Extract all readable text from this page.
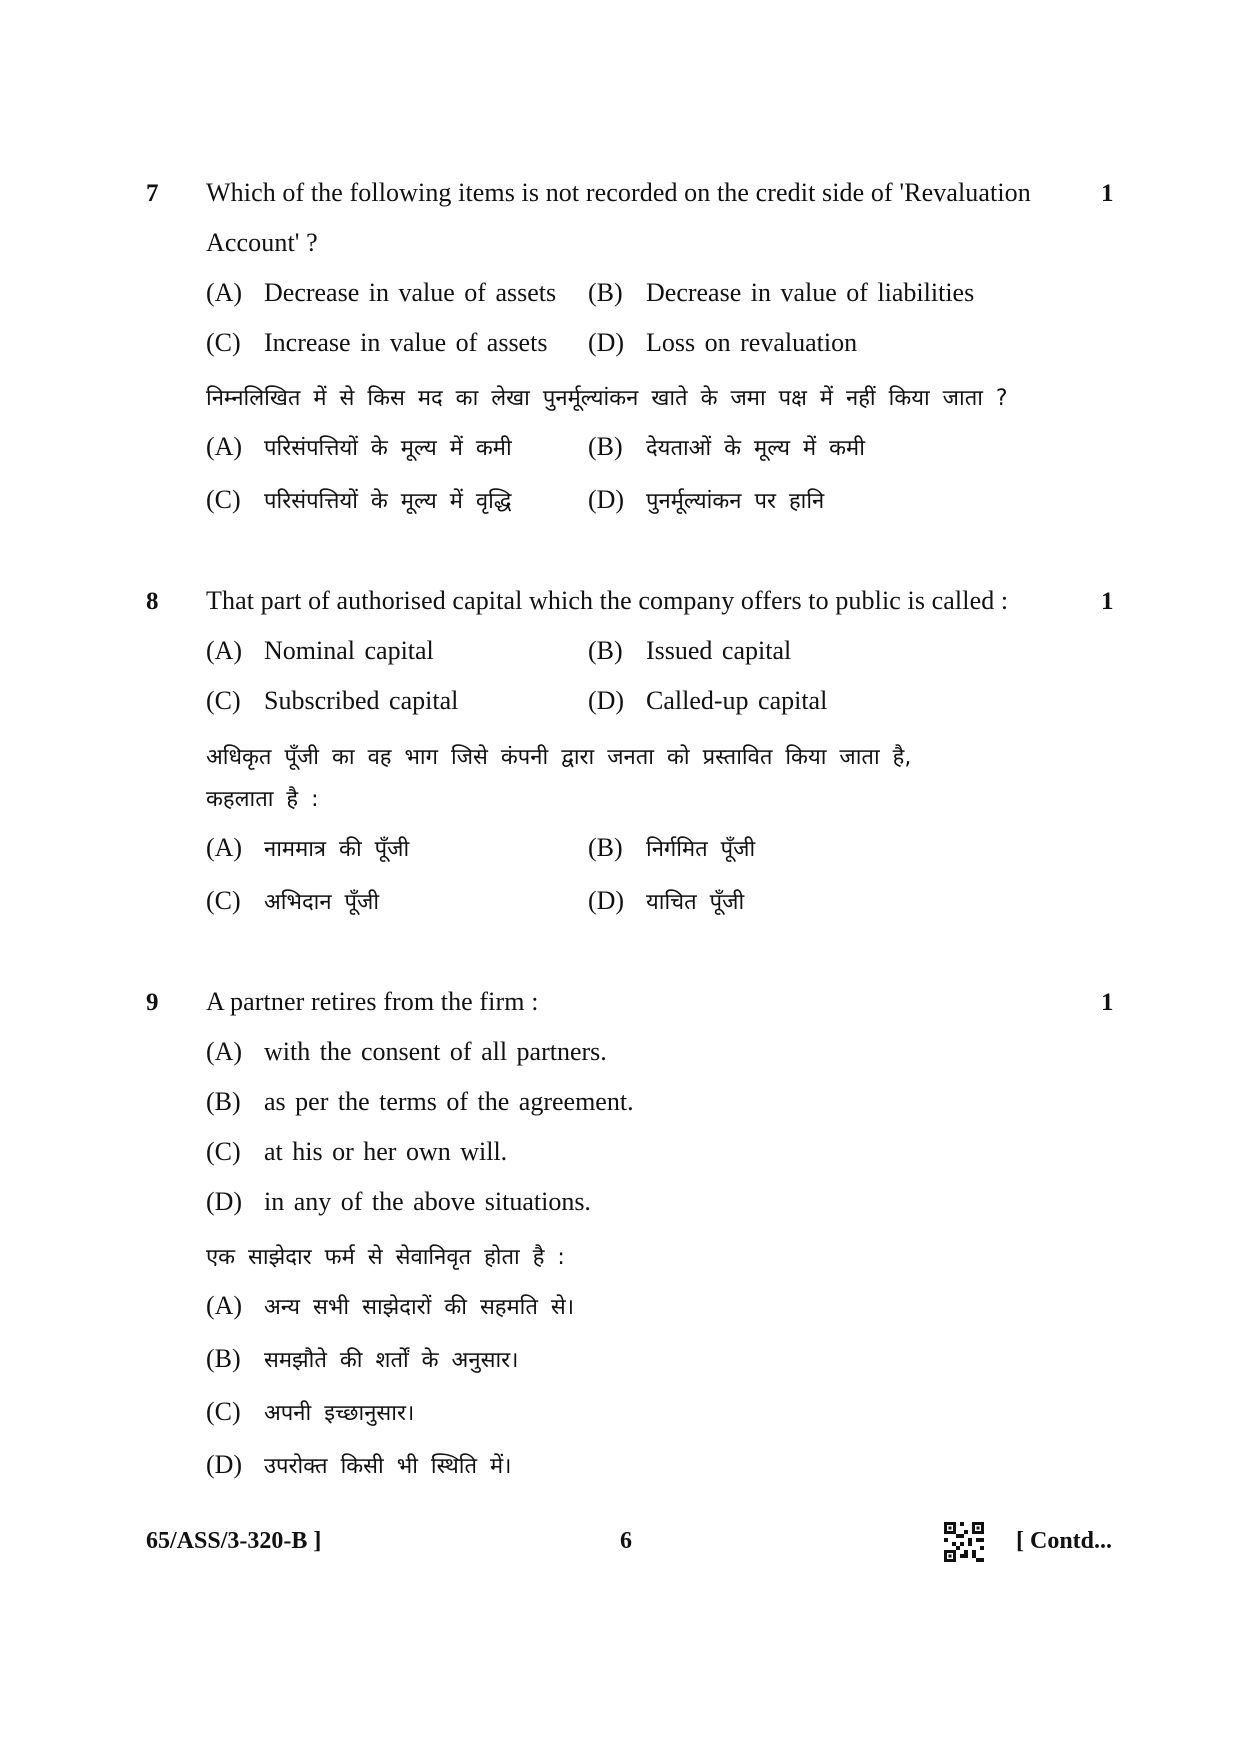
7 Which of the following items is not recorded on the credit side of 'Revaluation	1
Account' ?
(A) Decrease in value of assets (B) Decrease in value of liabilities
(C) Increase in value of assets (D) Loss on revaluation
निम्नलिखित में से किस मद का लेखा पुनर्मूल्यांकन खाते के जमा पक्ष में नहीं किया जाता ?
(A) परिसंपत्तियों के मूल्य में कमी	(B) देयताओं के मूल्य में कमी
(C) परिसंपत्तियों के मूल्य में वृद्धि	(D) पुनर्मूल्यांकन पर हानि
8 That part of authorised capital which the company offers to public is called :	1
(A) Nominal capital	(B) Issued capital
(C) Subscribed capital	(D) Called-up capital
अधिकृत पूँजी का वह भाग जिसे कंपनी द्वारा जनता को प्रस्तावित किया जाता है,
कहलाता है :
(A) नाममात्र की पूँजी	(B) निर्गमित पूँजी
(C) अभिदान पूँजी	(D) याचित पूँजी
9 A partner retires from the firm :	1
(A) with the consent of all partners.
(B) as per the terms of the agreement.
(C) at his or her own will.
(D) in any of the above situations.
एक साझेदार फर्म से सेवानिवृत होता है :
(A) अन्य सभी साझेदारों की सहमति से।
(B) समझौते की शर्तों के अनुसार।
(C) अपनी इच्छानुसार।
(D) उपरोक्त किसी भी स्थिति में।
65/ASS/3-320-B ]	6	[ Contd...
